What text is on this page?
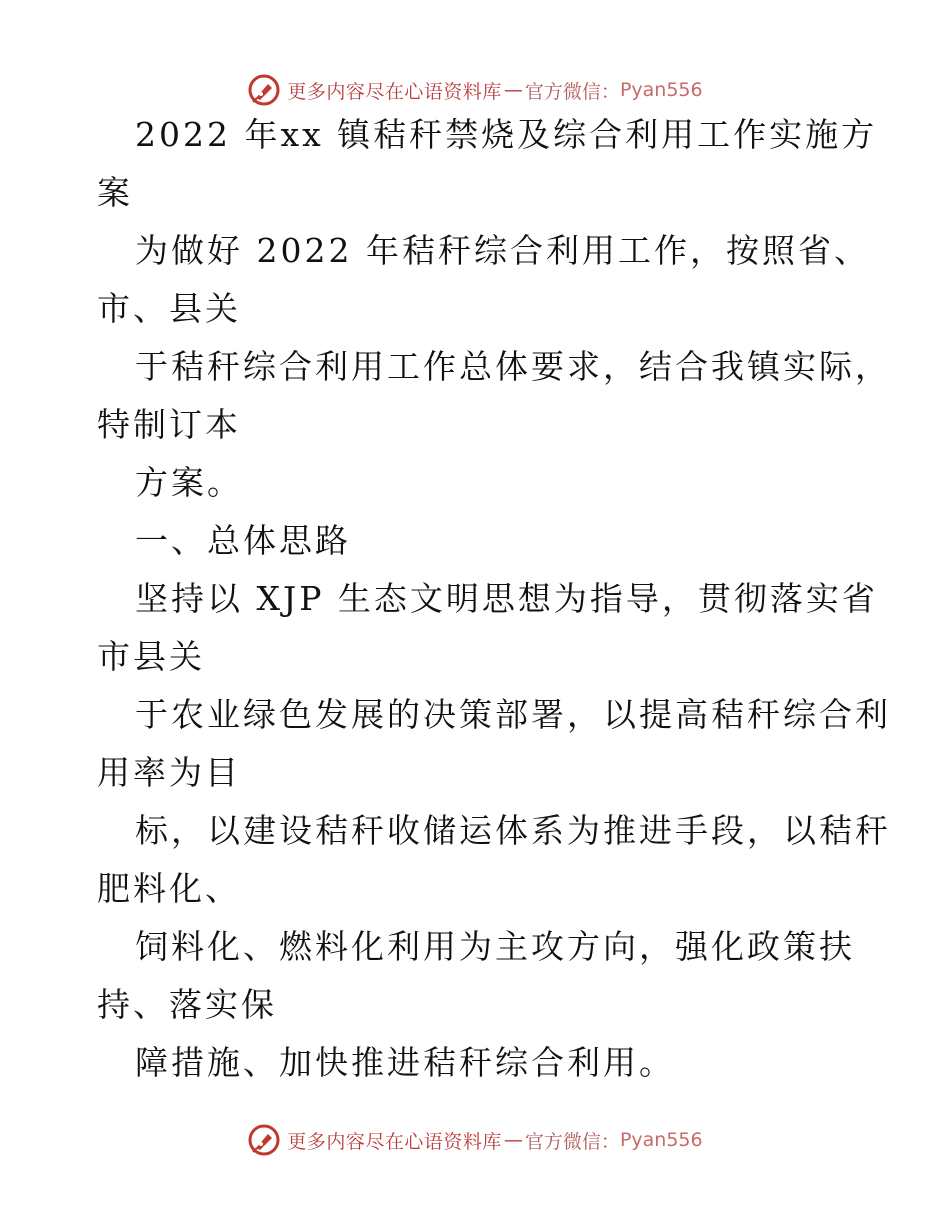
更多内容尽在心语资料库 — 官方微信： Pyan556
2022 年xx 镇秸秆禁烧及综合利用工作实施方
案
为做好 2022 年秸秆综合利用工作，按照省、
市、县关
于秸秆综合利用工作总体要求，结合我镇实际，
特制订本
方案。
一、总体思路
坚持以 XJP 生态文明思想为指导，贯彻落实省
市县关
于农业绿色发展的决策部署，以提高秸秆综合利
用率为目
标，以建设秸秆收储运体系为推进手段，以秸秆
肥料化、
饲料化、燃料化利用为主攻方向，强化政策扶
持、落实保
障措施、加快推进秸秆综合利用。
更多内容尽在心语资料库 — 官方微信： Pyan556
